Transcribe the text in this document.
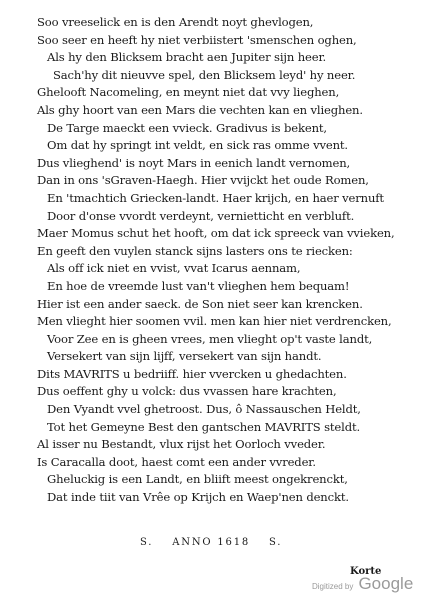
Soo vreeselick en is den Arendt noyt ghevlogen,
Soo seer en heeft hy niet verbiistert 'smenschen oghen,
Als hy den Blicksem bracht aen Jupiter sijn heer.
Sach'hy dit nieuvve spel, den Blicksem leyd' hy neer.
Ghelooft Nacomeling, en meynt niet dat vvy lieghen,
Als ghy hoort van een Mars die vechten kan en vlieghen.
De Targe maeckt een vvieck. Gradivus is bekent,
Om dat hy springt int veldt, en sick ras omme vvent.
Dus vlieghend' is noyt Mars in eenich landt vernomen,
Dan in ons 'sGraven-Haegh. Hier vvijckt het oude Romen,
En 'tmachtich Griecken-landt. Haer krijch, en haer vernuft
Door d'onse vvordt verdeynt, vernietticht en verbluft.
Maer Momus schut het hooft, om dat ick spreeck van vvieken,
En geeft den vuylen stanck sijns lasters ons te riecken:
Als off ick niet en vvist, vvat Icarus aennam,
En hoe de vreemde lust van't vlieghen hem bequam!
Hier ist een ander saeck. de Son niet seer kan krencken.
Men vlieght hier soomen vvil. men kan hier niet verdrencken,
Voor Zee en is gheen vrees, men vlieght op't vaste landt,
Versekert van sijn lijff, versekert van sijn handt.
Dits MAVRITS u bedriiff. hier vvercken u ghedachten.
Dus oeffent ghy u volck: dus vvassen hare krachten,
Den Vyandt vvel ghetroost. Dus, ô Nassauschen Heldt,
Tot het Gemeyne Best den gantschen MAVRITS steldt.
Al isser nu Bestandt, vlux rijst het Oorloch vveder.
Is Caracalla doot, haest comt een ander vvreder.
Gheluckig is een Landt, en bliift meest ongekrenckt,
Dat inde tiit van Vrêe op Krijch en Waep'nen denckt.
S. ANNO 1618 S.
Korte
Digitized by Google
